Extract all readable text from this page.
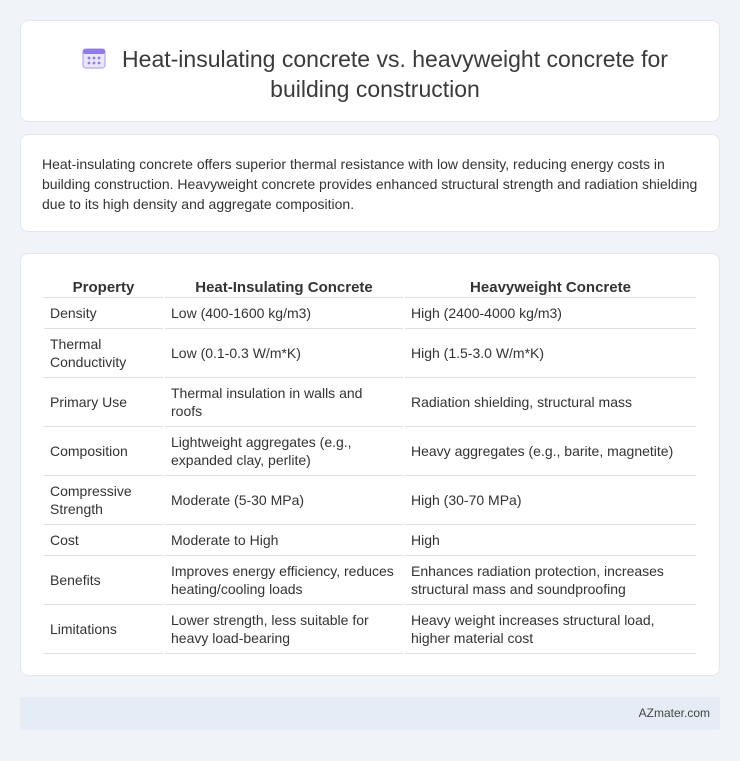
Heat-insulating concrete vs. heavyweight concrete for building construction

Heat-insulating concrete offers superior thermal resistance with low density, reducing energy costs in building construction. Heavyweight concrete provides enhanced structural strength and radiation shielding due to its high density and aggregate composition.

Property	Heat-Insulating Concrete	Heavyweight Concrete
Density	Low (400-1600 kg/m3)	High (2400-4000 kg/m3)
Thermal Conductivity	Low (0.1-0.3 W/m*K)	High (1.5-3.0 W/m*K)
Primary Use	Thermal insulation in walls and roofs	Radiation shielding, structural mass
Composition	Lightweight aggregates (e.g., expanded clay, perlite)	Heavy aggregates (e.g., barite, magnetite)
Compressive Strength	Moderate (5-30 MPa)	High (30-70 MPa)
Cost	Moderate to High	High
Benefits	Improves energy efficiency, reduces heating/cooling loads	Enhances radiation protection, increases structural mass and soundproofing
Limitations	Lower strength, less suitable for heavy load-bearing	Heavy weight increases structural load, higher material cost
AZmater.com
